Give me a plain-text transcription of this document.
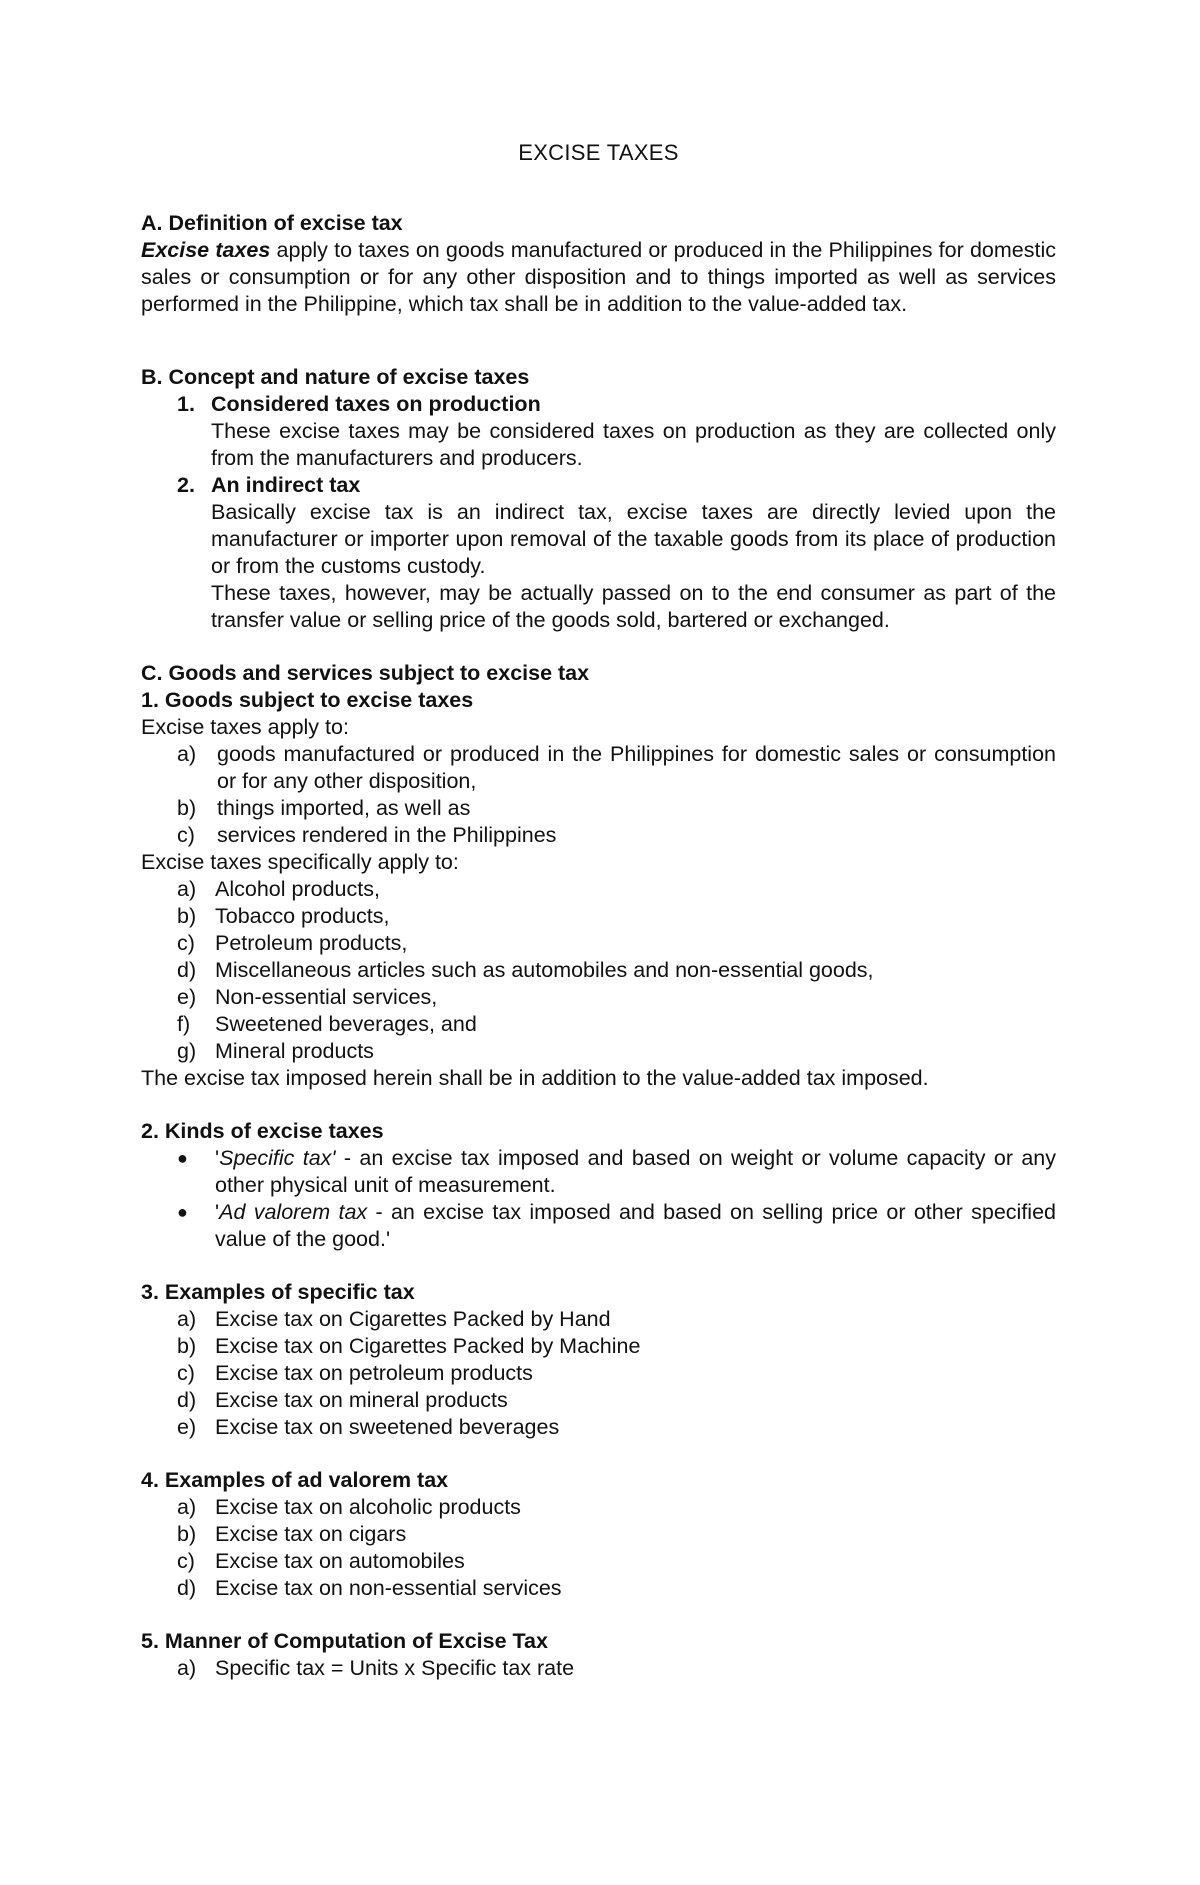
EXCISE TAXES

A. Definition of excise tax

Excise taxes apply to taxes on goods manufactured or produced in the Philippines for domestic sales or consumption or for any other disposition and to things imported as well as services performed in the Philippine, which tax shall be in addition to the value-added tax.

B. Concept and nature of excise taxes

1. Considered taxes on production

These excise taxes may be considered taxes on production as they are collected only from the manufacturers and producers.

2. An indirect tax

Basically excise tax is an indirect tax, excise taxes are directly levied upon the manufacturer or importer upon removal of the taxable goods from its place of production or from the customs custody.

These taxes, however, may be actually passed on to the end consumer as part of the transfer value or selling price of the goods sold, bartered or exchanged.

C. Goods and services subject to excise tax

1. Goods subject to excise taxes

Excise taxes apply to:

a) goods manufactured or produced in the Philippines for domestic sales or consumption or for any other disposition,
b) things imported, as well as
c)	services rendered in the Philippines

Excise taxes specifically apply to:

a) Alcohol products,
b) Tobacco products,
c) Petroleum products,
d) Miscellaneous articles such as automobiles and non-essential goods,
e) Non-essential services,
f)	Sweetened beverages, and
g) Mineral products

The excise tax imposed herein shall be in addition to the value-added tax imposed.

2. Kinds of excise taxes

●	'Specific tax' - an excise tax imposed and based on weight or volume capacity or any other physical unit of measurement.
●	'Ad valorem tax - an excise tax imposed and based on selling price or other specified value of the good.'

3. Examples of specific tax

a) Excise tax on Cigarettes Packed by Hand
b) Excise tax on Cigarettes Packed by Machine
c) Excise tax on petroleum products
d) Excise tax on mineral products
e) Excise tax on sweetened beverages

4. Examples of ad valorem tax

a) Excise tax on alcoholic products
b) Excise tax on cigars
c) Excise tax on automobiles
d) Excise tax on non-essential services

5. Manner of Computation of Excise Tax

a) Specific tax = Units x Specific tax rate
